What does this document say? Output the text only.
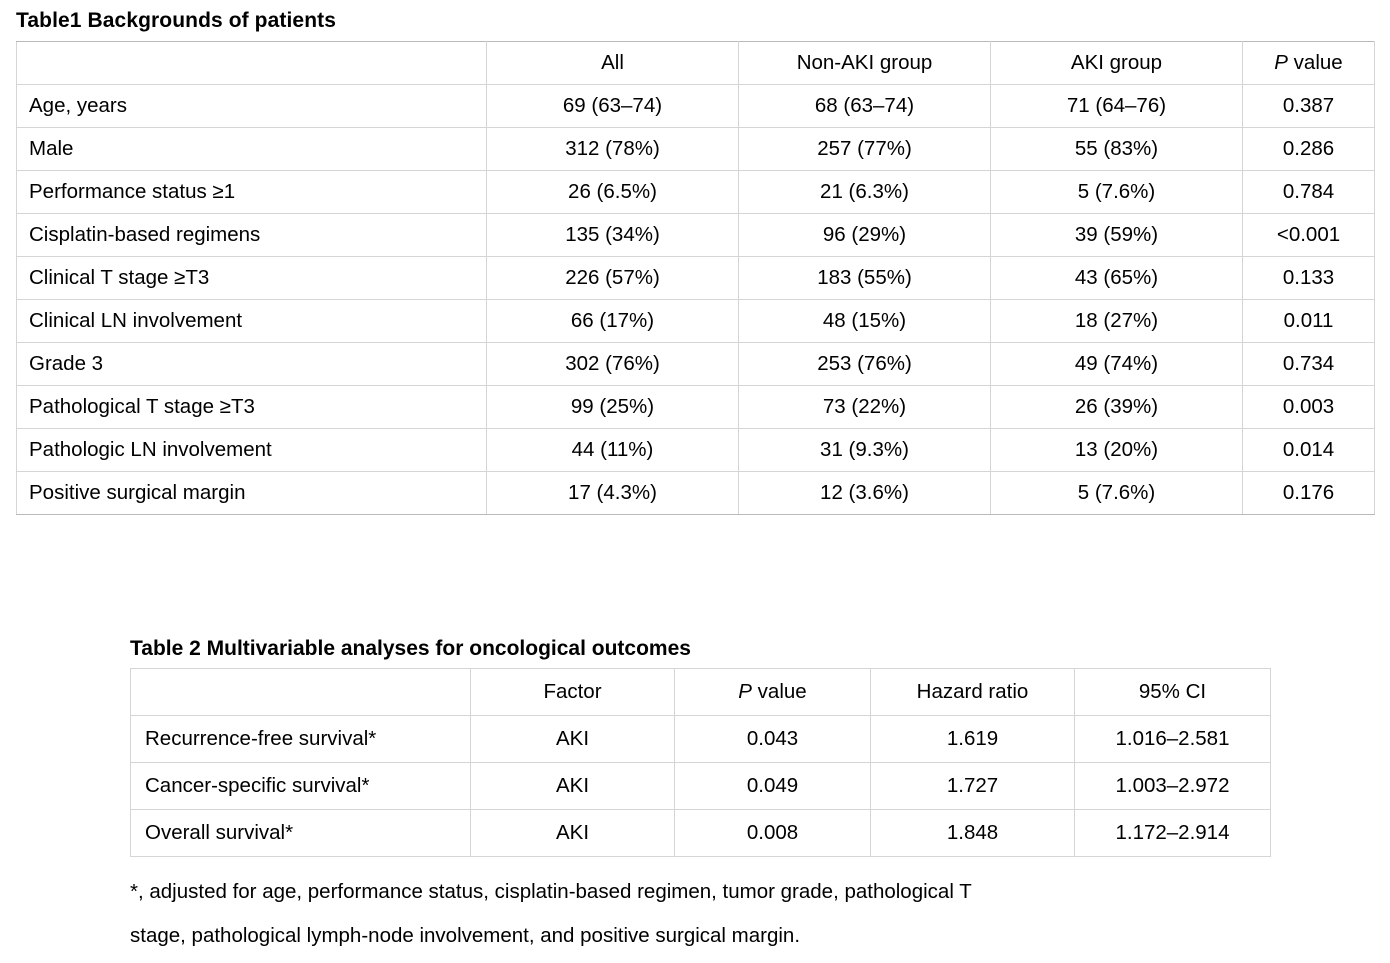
Table1 Backgrounds of patients
	All	Non-AKI group	AKI group	P value
Age, years	69 (63–74)	68 (63–74)	71 (64–76)	0.387
Male	312 (78%)	257 (77%)	55 (83%)	0.286
Performance status ≥1	26 (6.5%)	21 (6.3%)	5 (7.6%)	0.784
Cisplatin-based regimens	135 (34%)	96 (29%)	39 (59%)	<0.001
Clinical T stage ≥T3	226 (57%)	183 (55%)	43 (65%)	0.133
Clinical LN involvement	66 (17%)	48 (15%)	18 (27%)	0.011
Grade 3	302 (76%)	253 (76%)	49 (74%)	0.734
Pathological T stage ≥T3	99 (25%)	73 (22%)	26 (39%)	0.003
Pathologic LN involvement	44 (11%)	31 (9.3%)	13 (20%)	0.014
Positive surgical margin	17 (4.3%)	12 (3.6%)	5 (7.6%)	0.176
Table 2 Multivariable analyses for oncological outcomes
	Factor	P value	Hazard ratio	95% CI
Recurrence-free survival*	AKI	0.043	1.619	1.016–2.581
Cancer-specific survival*	AKI	0.049	1.727	1.003–2.972
Overall survival*	AKI	0.008	1.848	1.172–2.914
*, adjusted for age, performance status, cisplatin-based regimen, tumor grade, pathological T
stage, pathological lymph-node involvement, and positive surgical margin.
